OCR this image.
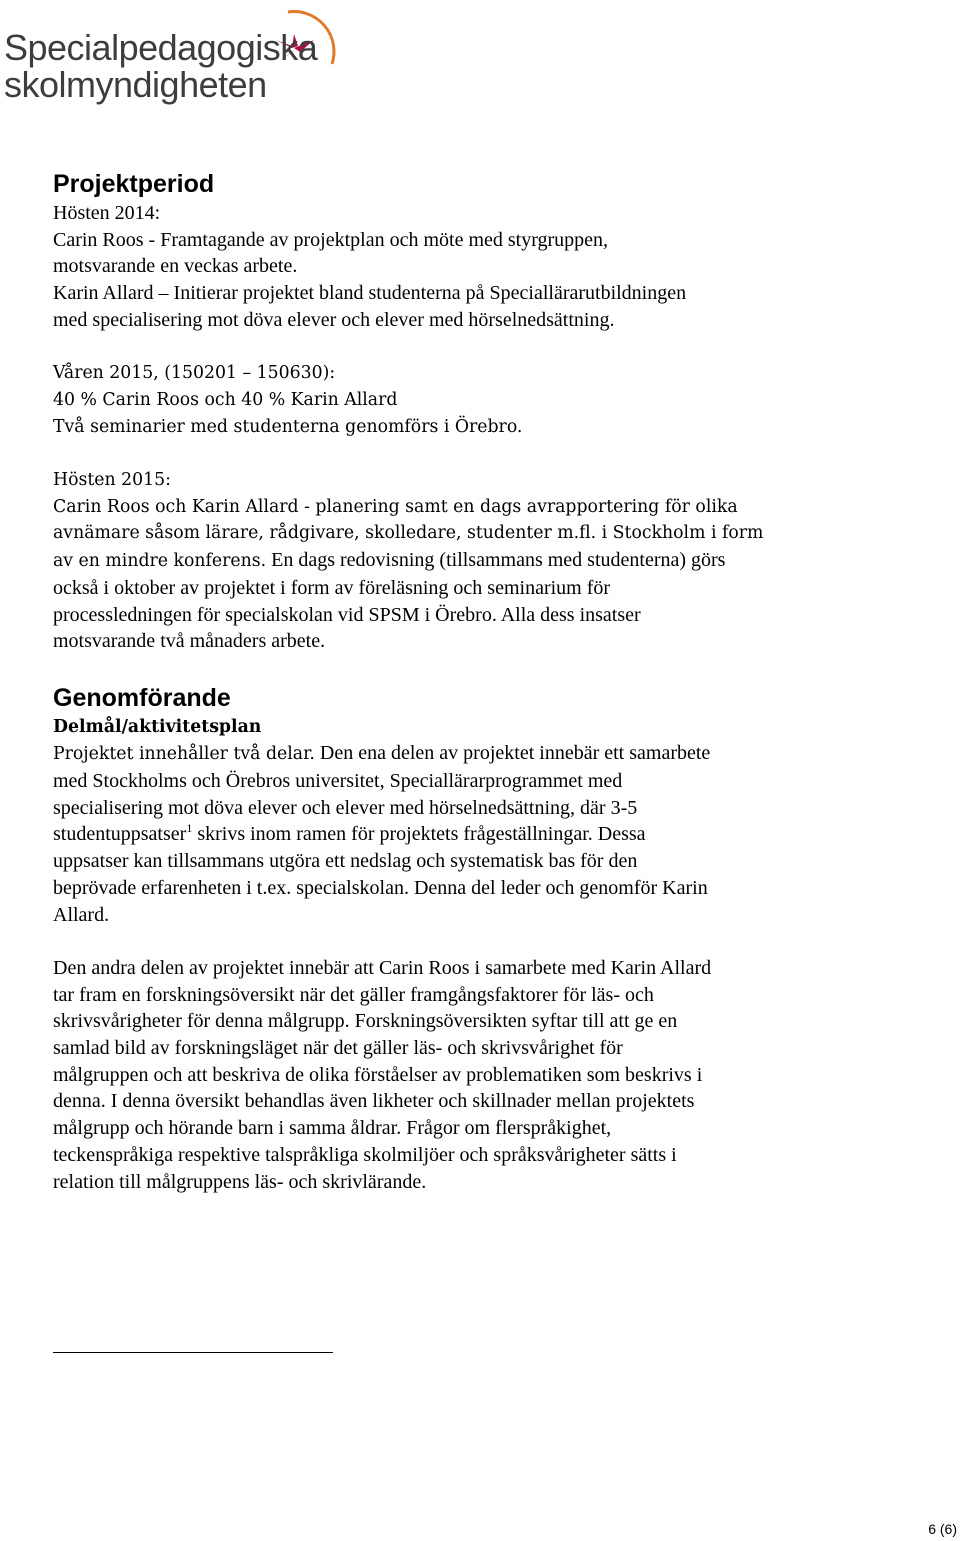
Specialpedagogiska
skolmyndigheten
Projektperiod

Hösten 2014:

Carin Roos - Framtagande av projektplan och möte med styrgruppen,

motsvarande en veckas arbete.

Karin Allard – Initierar projektet bland studenterna på Speciallärarutbildningen

med specialisering mot döva elever och elever med hörselnedsättning.

Våren 2015, (150201 – 150630):

40 % Carin Roos och 40 % Karin Allard

Två seminarier med studenterna genomförs i Örebro.

Hösten 2015:

Carin Roos och Karin Allard - planering samt en dags avrapportering för olika

avnämare såsom lärare, rådgivare, skolledare, studenter m.fl. i Stockholm i form

av en mindre konferens. En dags redovisning (tillsammans med studenterna) görs

också i oktober av projektet i form av föreläsning och seminarium för

processledningen för specialskolan vid SPSM i Örebro. Alla dess insatser

motsvarande två månaders arbete.

Genomförande
Delmål/aktivitetsplan

Projektet innehåller två delar. Den ena delen av projektet innebär ett samarbete

med Stockholms och Örebros universitet, Speciallärarprogrammet med

specialisering mot döva elever och elever med hörselnedsättning, där 3-5

studentuppsatser$^1$ skrivs inom ramen för projektets frågeställningar. Dessa

uppsatser kan tillsammans utgöra ett nedslag och systematisk bas för den

beprövade erfarenheten i t.ex. specialskolan. Denna del leder och genomför Karin

Allard.

Den andra delen av projektet innebär att Carin Roos i samarbete med Karin Allard

tar fram en forskningsöversikt när det gäller framgångsfaktorer för läs- och

skrivsvårigheter för denna målgrupp. Forskningsöversikten syftar till att ge en

samlad bild av forskningsläget när det gäller läs- och skrivsvårighet för

målgruppen och att beskriva de olika förståelser av problematiken som beskrivs i

denna. I denna översikt behandlas även likheter och skillnader mellan projektets

målgrupp och hörande barn i samma åldrar. Frågor om flerspråkighet,

teckenspråkiga respektive talspråkliga skolmiljöer och språksvårigheter sätts i

relation till målgruppens läs- och skrivlärande.

6 (6)
